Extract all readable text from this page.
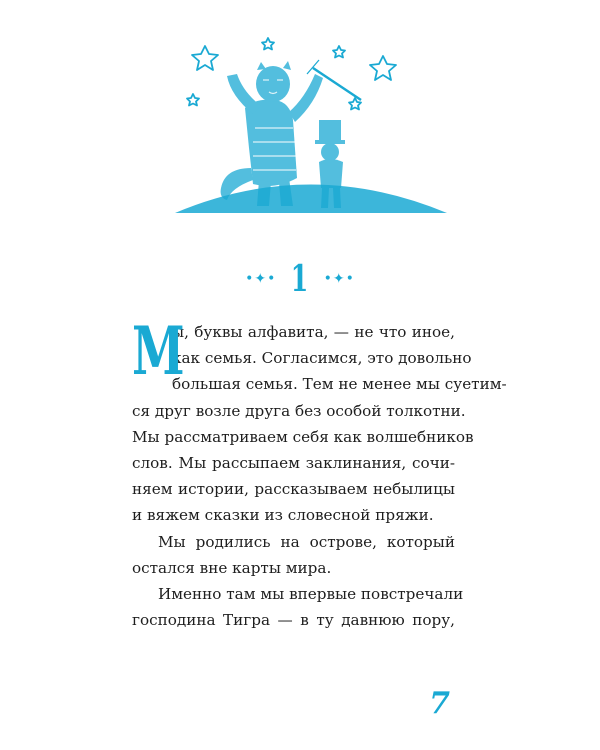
•✦• 1 •✦•

М
ы, буквы алфавита, — не что иное,
как семья. Согласимся, это довольно
большая семья. Тем не менее мы суетим-
ся друг возле друга без особой толкотни.
Мы рассматриваем себя как волшебников
слов. Мы рассыпаем заклинания, сочи-
няем истории, рассказываем небылицы
и вяжем сказки из словесной пряжи.

Мы родились на острове, который
остался вне карты мира.

Именно там мы впервые повстречали
господина Тигра — в ту давнюю пору,

7
